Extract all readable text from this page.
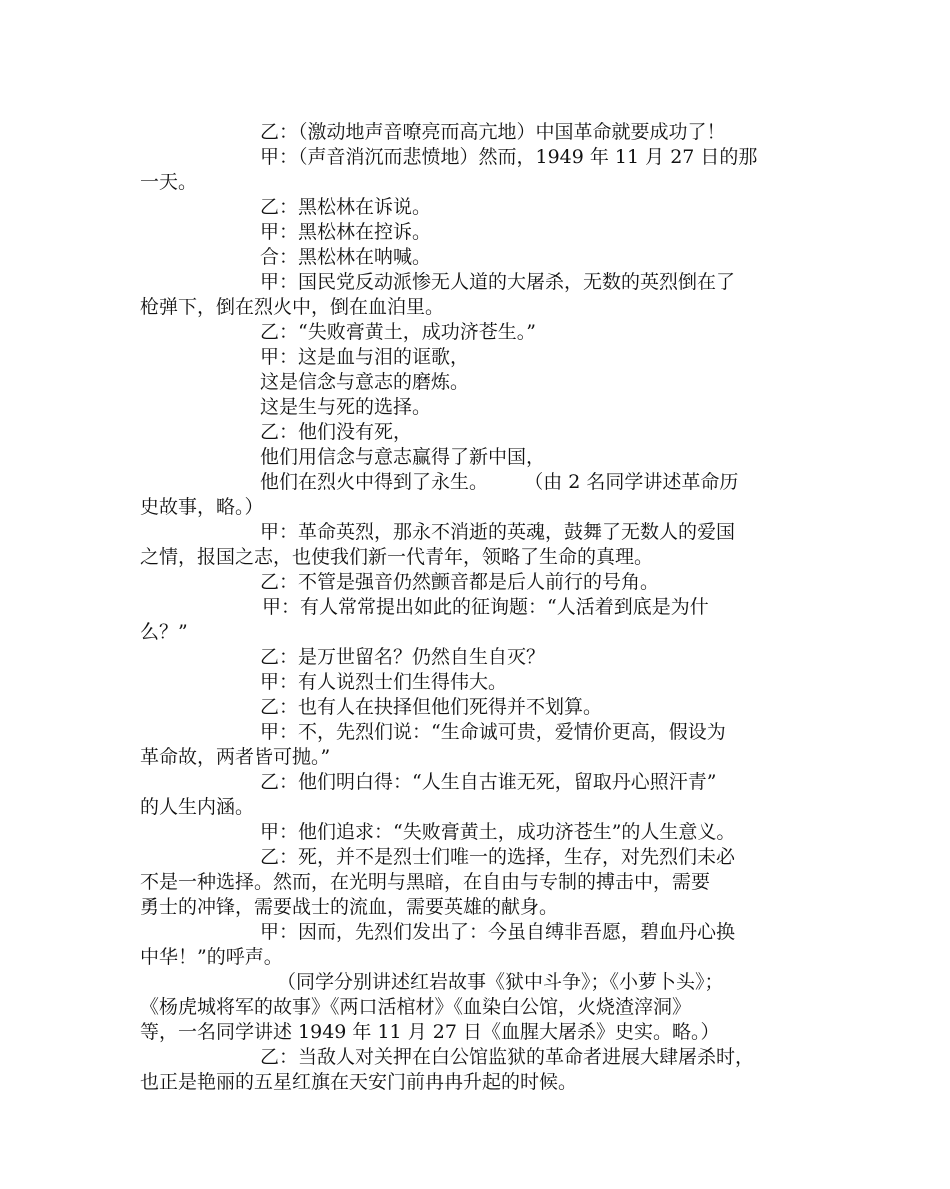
乙：（激动地声音嘹亮而高亢地）中国革命就要成功了！
甲：（声音消沉而悲愤地）然而，1949 年 11 月 27 日的那
一天。
乙：黑松林在诉说。
甲：黑松林在控诉。
合：黑松林在呐喊。
甲：国民党反动派惨无人道的大屠杀，无数的英烈倒在了
枪弹下，倒在烈火中，倒在血泊里。
乙：“失败膏黄土，成功济苍生。”
甲：这是血与泪的诓歌，
这是信念与意志的磨炼。
这是生与死的选择。
乙：他们没有死，
他们用信念与意志赢得了新中国，
他们在烈火中得到了永生。      （由 2 名同学讲述革命历
史故事，略。）
甲：革命英烈，那永不消逝的英魂，鼓舞了无数人的爱国
之情，报国之志，也使我们新一代青年，领略了生命的真理。
乙：不管是强音仍然颤音都是后人前行的号角。
甲：有人常常提出如此的征询题：“人活着到底是为什
么？”
乙：是万世留名？仍然自生自灭？
甲：有人说烈士们生得伟大。
乙：也有人在抉择但他们死得并不划算。
甲：不，先烈们说：“生命诚可贵，爱情价更高，假设为
革命故，两者皆可抛。”
乙：他们明白得：“人生自古谁无死，留取丹心照汗青”
的人生内涵。
甲：他们追求：“失败膏黄土，成功济苍生”的人生意义。
乙：死，并不是烈士们唯一的选择，生存，对先烈们未必
不是一种选择。然而，在光明与黑暗，在自由与专制的搏击中，需要
勇士的冲锋，需要战士的流血，需要英雄的献身。
甲：因而，先烈们发出了：今虽自缚非吾愿，碧血丹心换
中华！”的呼声。
（同学分别讲述红岩故事《狱中斗争》；《小萝卜头》；
《杨虎城将军的故事》《两口活棺材》《血染白公馆，火烧渣滓洞》
等，一名同学讲述 1949 年 11 月 27 日《血腥大屠杀》史实。略。）
乙：当敌人对关押在白公馆监狱的革命者进展大肆屠杀时，
也正是艳丽的五星红旗在天安门前冉冉升起的时候。
